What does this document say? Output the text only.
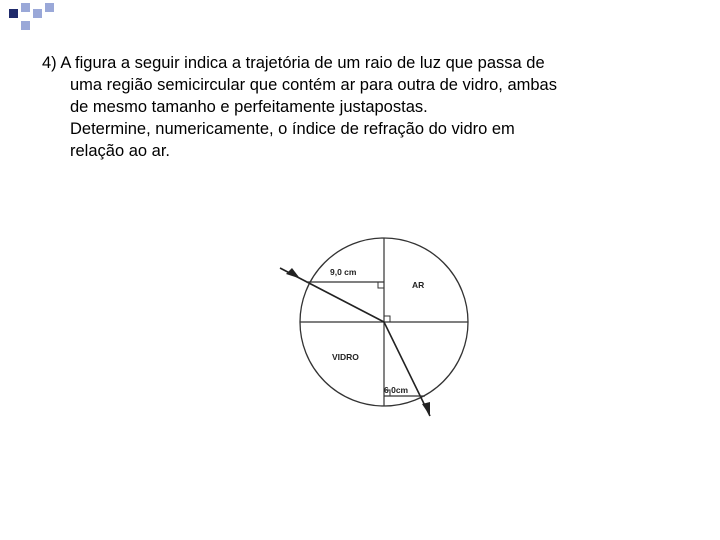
4) A figura a seguir indica a trajetória de um raio de luz que passa de

uma região semicircular que contém ar para outra de vidro, ambas

de mesmo tamanho e perfeitamente justapostas.

Determine, numericamente, o índice de refração do vidro em

relação ao ar.

9,0 cm
AR
VIDRO
6,0cm
